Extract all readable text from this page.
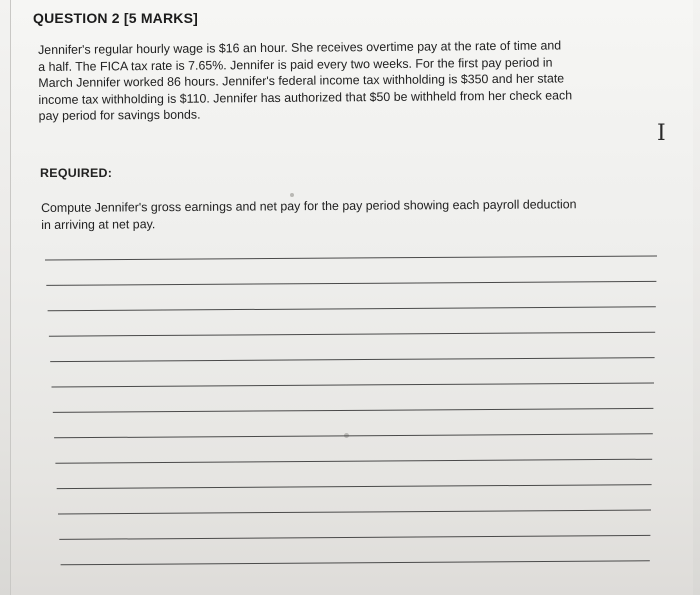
QUESTION 2 [5 MARKS]
Jennifer's regular hourly wage is $16 an hour. She receives overtime pay at the rate of time and
a half. The FICA tax rate is 7.65%. Jennifer is paid every two weeks. For the first pay period in
March Jennifer worked 86 hours. Jennifer's federal income tax withholding is $350 and her state
income tax withholding is $110. Jennifer has authorized that $50 be withheld from her check each
pay period for savings bonds.
I
REQUIRED:
Compute Jennifer's gross earnings and net pay for the pay period showing each payroll deduction
in arriving at net pay.
